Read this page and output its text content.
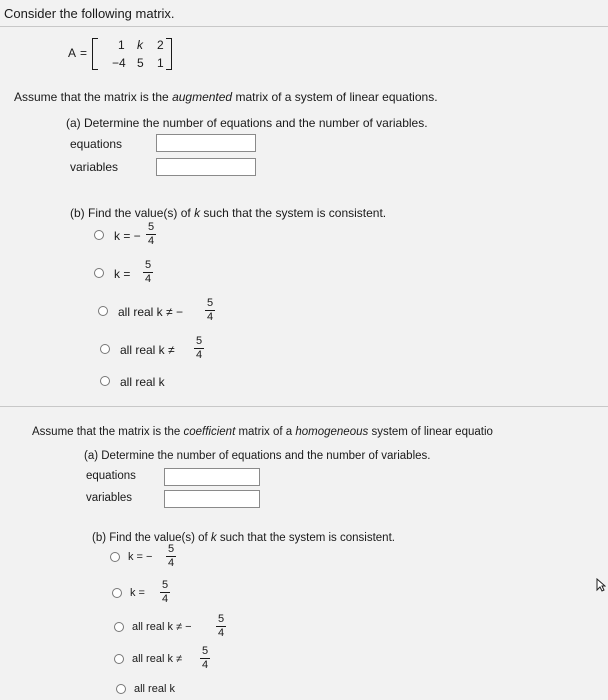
Consider the following matrix.
A =
1 k 2
−4 5 1
Assume that the matrix is the augmented matrix of a system of linear equations.
(a) Determine the number of equations and the number of variables.
equations
variables
(b) Find the value(s) of k such that the system is consistent.
k = −
5
4
k =
5
4
all real k ≠ −
5
4
all real k ≠
5
4
all real k
Assume that the matrix is the coefficient matrix of a homogeneous system of linear equatio
(a) Determine the number of equations and the number of variables.
equations
variables
(b) Find the value(s) of k such that the system is consistent.
k = −
5
4
k =
5
4
all real k ≠ −
5
4
all real k ≠
5
4
all real k
